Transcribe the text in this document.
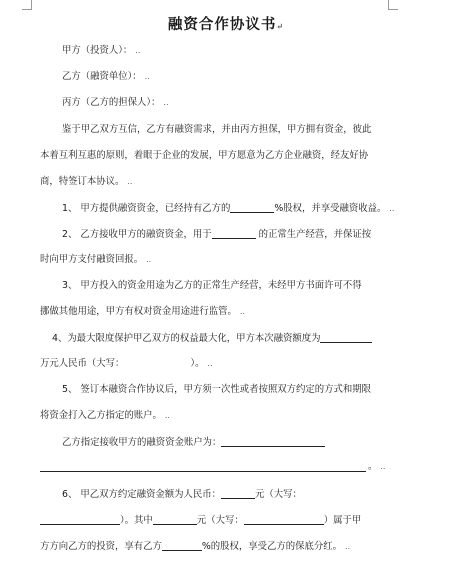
融资合作协议书↵
甲方（投资人）： ..
乙方（融资单位）： ..
丙方（乙方的担保人）： ..
鉴于甲乙双方互信，乙方有融资需求，并由丙方担保，甲方拥有资金，彼此
本着互利互惠的原则，着眼于企业的发展，甲方愿意为乙方企业融资，经友好协
商，特签订本协议。 ..
1、 甲方提供融资资金，已经持有乙方的	%股权，并享受融资收益。 ..
2、 乙方接收甲方的融资资金，用于	的正常生产经营，并保证按
时向甲方支付融资回报。 ..
3、 甲方投入的资金用途为乙方的正常生产经营，未经甲方书面许可不得
挪做其他用途，甲方有权对资金用途进行监管。 ..
4、为最大限度保护甲乙双方的权益最大化，甲方本次融资额度为
万元人民币（大写：	）。 ..
5、 签订本融资合作协议后，甲方须一次性或者按照双方约定的方式和期限
将资金打入乙方指定的账户。 ..
乙方指定接收甲方的融资资金账户为：
。 ..
6、 甲乙双方约定融资金额为人民币：	元（大写：
）。其中	元（大写：	）属于甲
方方向乙方的投资，享有乙方	%的股权，享受乙方的保底分红。 ..
